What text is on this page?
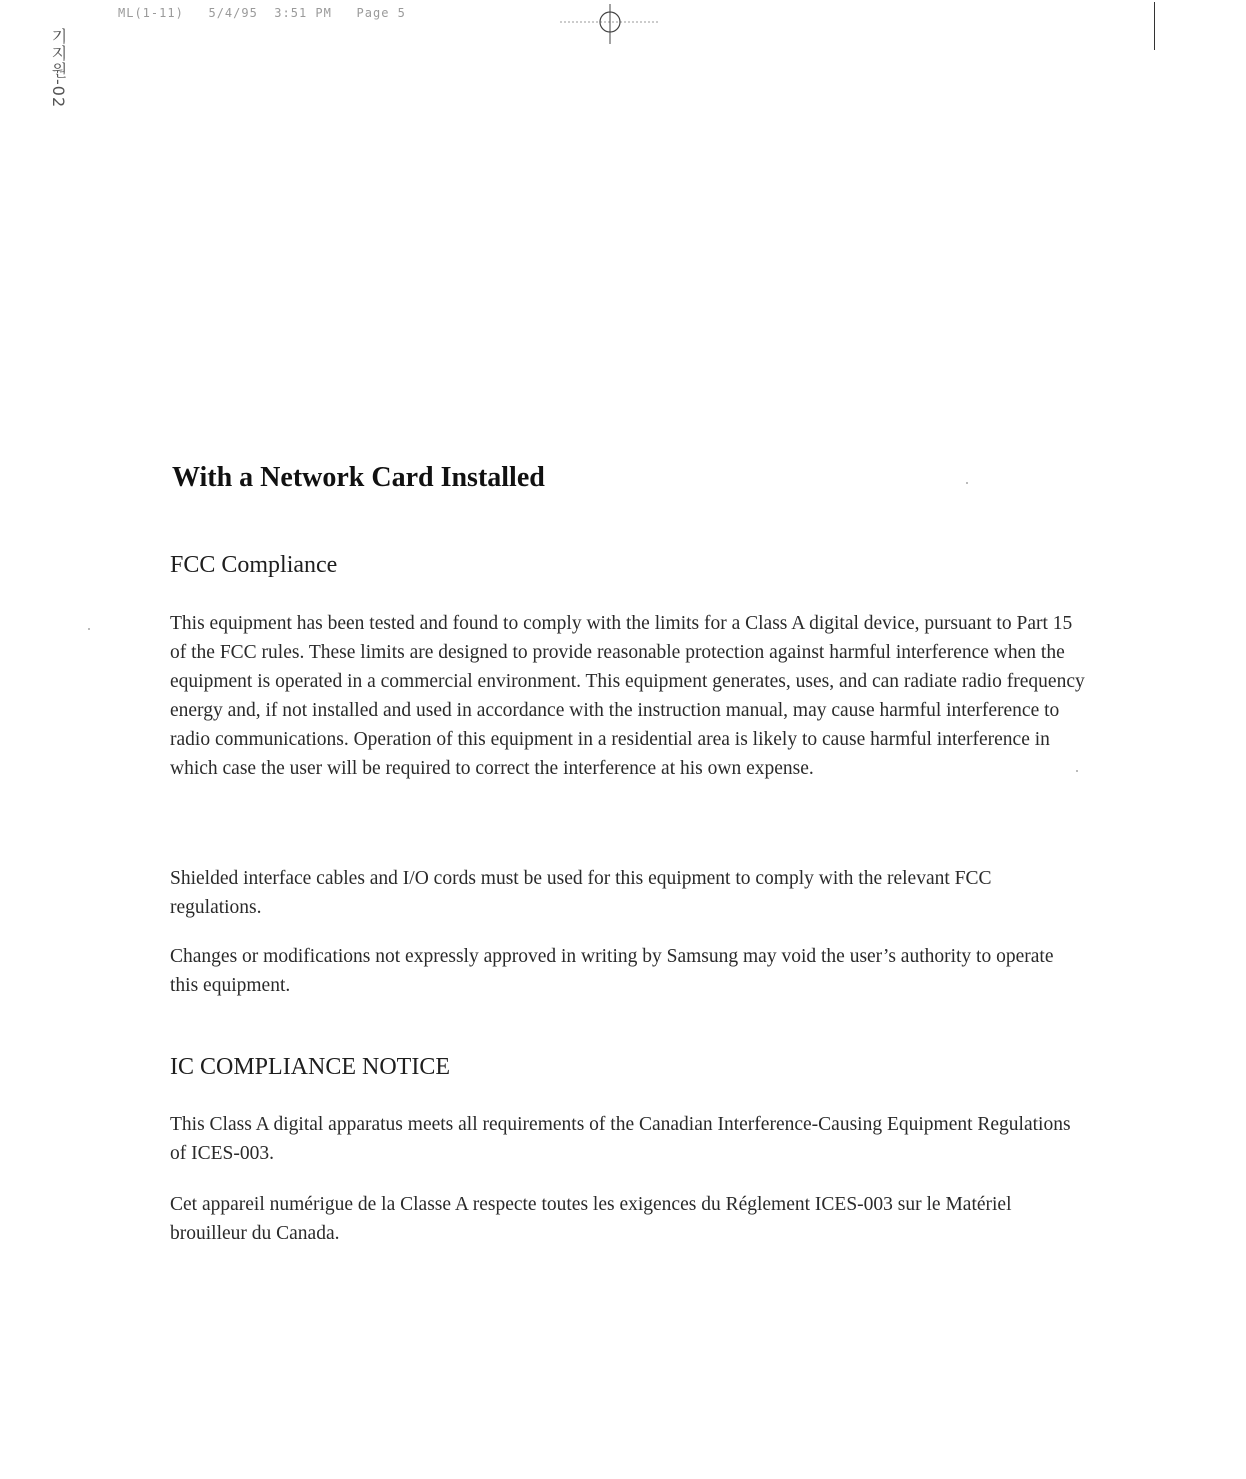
ML(1-11)   5/4/95  3:51 PM   Page 5
기지원-02
With a Network Card Installed
FCC Compliance

This equipment has been tested and found to comply with the limits for a Class A digital device, pursuant to Part 15 of the FCC rules. These limits are designed to provide reasonable protection against harmful interference when the equipment is operated in a commercial environment. This equipment generates, uses, and can radiate radio frequency energy and, if not installed and used in accordance with the instruction manual, may cause harmful interference to radio communications. Operation of this equipment in a residential area is likely to cause harmful interference in which case the user will be required to correct the interference at his own expense.

Shielded interface cables and I/O cords must be used for this equipment to comply with the relevant FCC regulations.

Changes or modifications not expressly approved in writing by Samsung may void the user’s authority to operate this equipment.

IC COMPLIANCE NOTICE

This Class A digital apparatus meets all requirements of the Canadian Interference-Causing Equipment Regulations of ICES-003.

Cet appareil numérigue de la Classe A respecte toutes les exigences du Réglement ICES-003 sur le Matériel brouilleur du Canada.
